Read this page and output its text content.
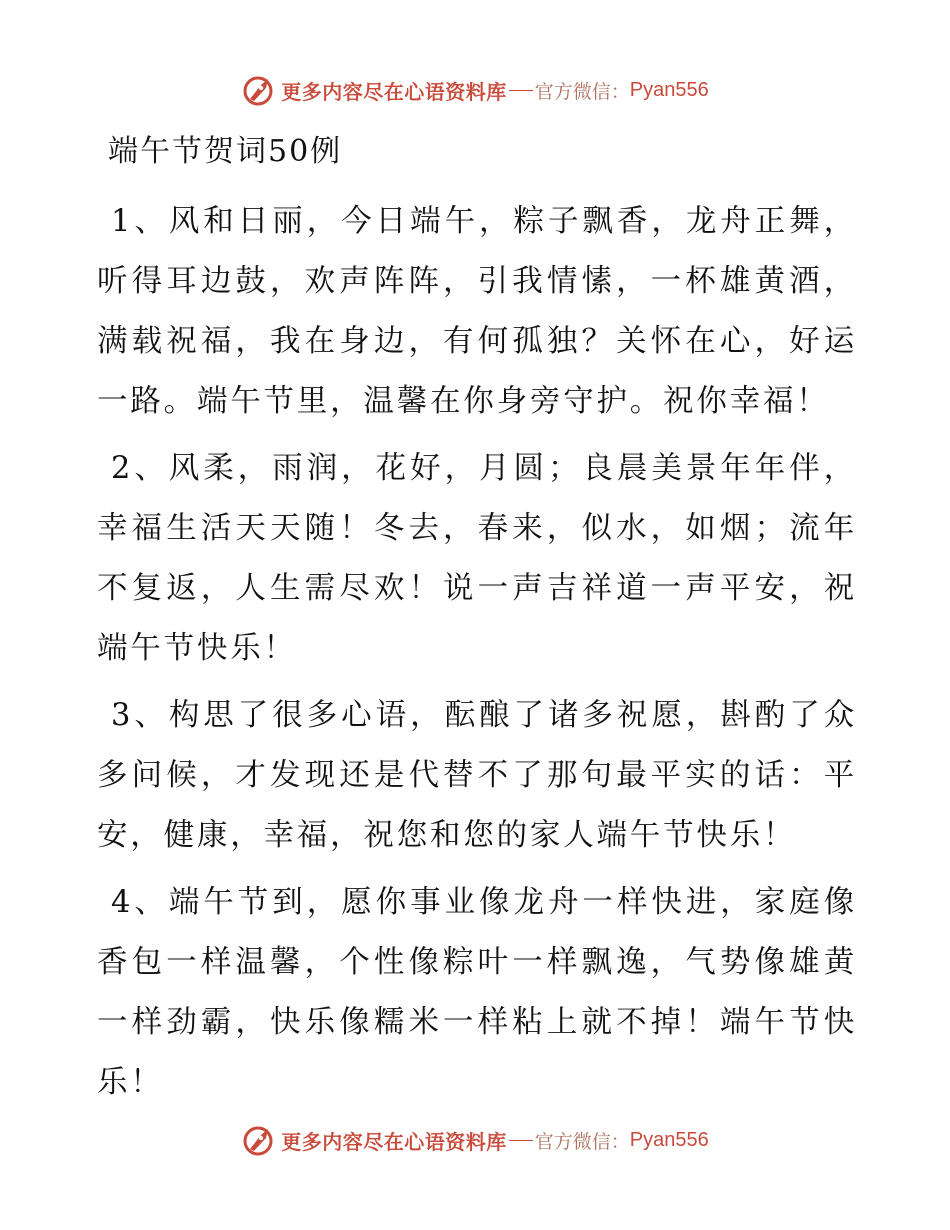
更多内容尽在心语资料库 官方微信： Pyan556
端午节贺词50例

1、风和日丽，今日端午，粽子飘香，龙舟正舞，听得耳边鼓，欢声阵阵，引我情愫，一杯雄黄酒，满载祝福，我在身边，有何孤独？关怀在心，好运一路。端午节里，温馨在你身旁守护。祝你幸福！

2、风柔，雨润，花好，月圆；良晨美景年年伴，幸福生活天天随！冬去，春来，似水，如烟；流年不复返，人生需尽欢！说一声吉祥道一声平安，祝端午节快乐！

3、构思了很多心语，酝酿了诸多祝愿，斟酌了众多问候，才发现还是代替不了那句最平实的话：平安，健康，幸福，祝您和您的家人端午节快乐！

4、端午节到，愿你事业像龙舟一样快进，家庭像香包一样温馨，个性像粽叶一样飘逸，气势像雄黄一样劲霸，快乐像糯米一样粘上就不掉！端午节快乐！

更多内容尽在心语资料库 官方微信： Pyan556
